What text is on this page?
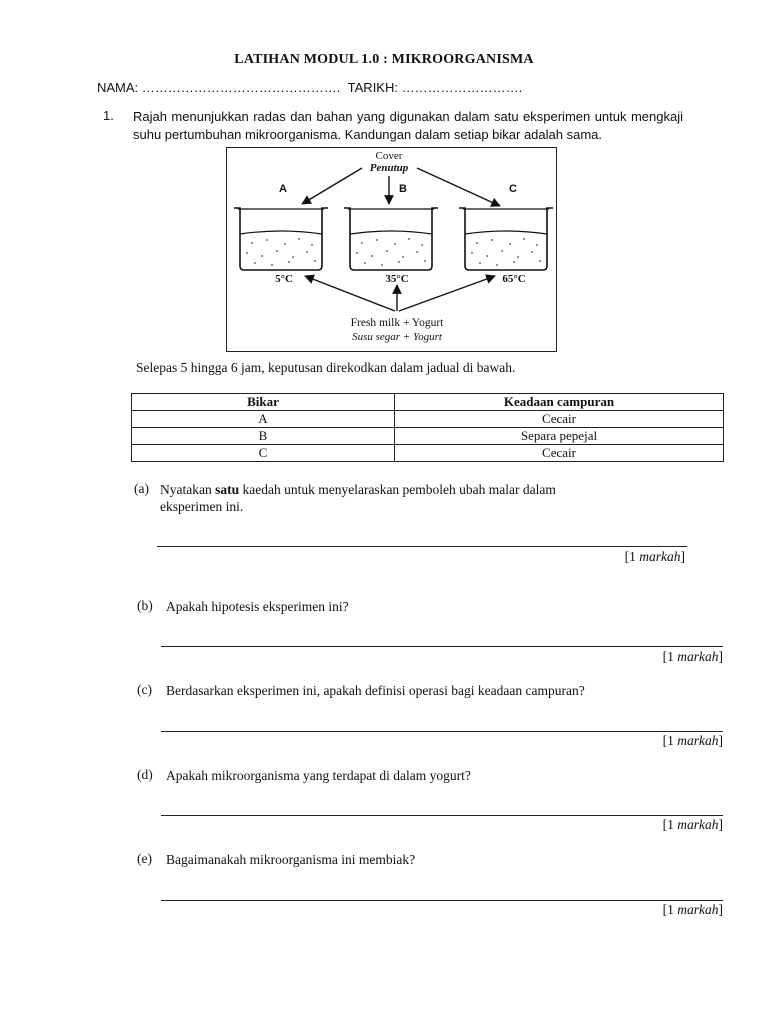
LATIHAN MODUL 1.0 : MIKROORGANISMA
NAMA: ………………………………………. TARIKH: ……………………….
1. Rajah menunjukkan radas dan bahan yang digunakan dalam satu eksperimen untuk mengkaji suhu pertumbuhan mikroorganisma. Kandungan dalam setiap bikar adalah sama.
Cover
Penutup
A	B	C
5°C	35°C	65°C
Fresh milk + Yogurt
Susu segar + Yogurt
Selepas 5 hingga 6 jam, keputusan direkodkan dalam jadual di bawah.
Bikar	Keadaan campuran
A	Cecair
B	Separa pepejal
C	Cecair
(a) Nyatakan satu kaedah untuk menyelaraskan pemboleh ubah malar dalam
eksperimen ini.
[1 markah]
(b) Apakah hipotesis eksperimen ini?
[1 markah]
(c) Berdasarkan eksperimen ini, apakah definisi operasi bagi keadaan campuran?
[1 markah]
(d) Apakah mikroorganisma yang terdapat di dalam yogurt?
[1 markah]
(e) Bagaimanakah mikroorganisma ini membiak?
[1 markah]
